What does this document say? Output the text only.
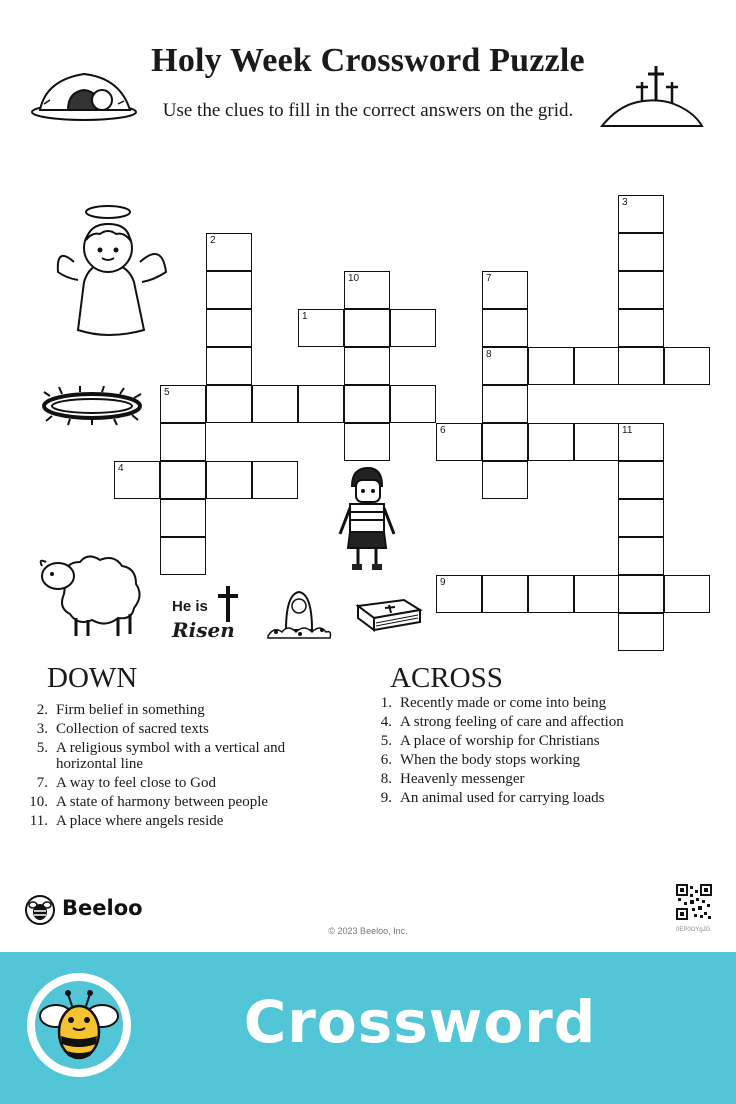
Holy Week Crossword Puzzle
Use the clues to fill in the correct answers on the grid.
3
2
10	7
1
8
5
6	11
4
9
He is
Risen
DOWN
2. Firm belief in something
3. Collection of sacred texts
5. A religious symbol with a vertical and horizontal line
7. A way to feel close to God
10. A state of harmony between people
11. A place where angels reside
ACROSS
1. Recently made or come into being
4. A strong feeling of care and affection
5. A place of worship for Christians
6. When the body stops working
8. Heavenly messenger
9. An animal used for carrying loads
Beeloo
© 2023 Beeloo, Inc.	0EP0OYgJG
Crossword
